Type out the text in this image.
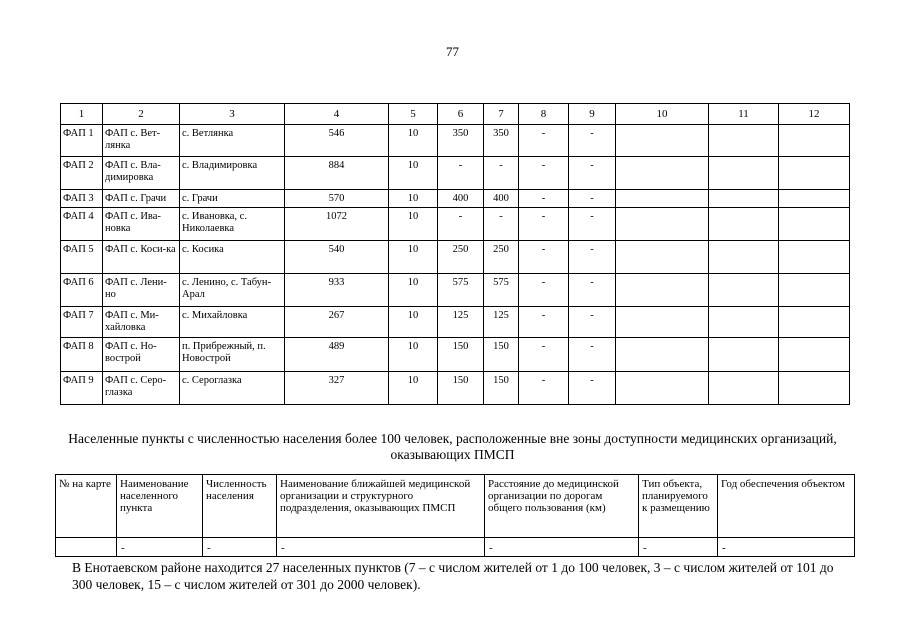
77
1	2	3	4	5	6	7	8	9	10	11	12
ФАП 1	ФАП с. Вет-лянка	с. Ветлянка	546	10	350	350	-	-			
ФАП 2	ФАП с. Вла-димировка	с. Владимировка	884	10	-	-	-	-			
ФАП 3	ФАП с. Грачи	с. Грачи	570	10	400	400	-	-			
ФАП 4	ФАП с. Ива-новка	с. Ивановка, с. Николаевка	1072	10	-	-	-	-			
ФАП 5	ФАП с. Коси-ка	с. Косика	540	10	250	250	-	-			
ФАП 6	ФАП с. Лени-но	с. Ленино, с. Табун-Арал	933	10	575	575	-	-			
ФАП 7	ФАП с. Ми-хайловка	с. Михайловка	267	10	125	125	-	-			
ФАП 8	ФАП с. Но-вострой	п. Прибрежный, п. Новострой	489	10	150	150	-	-			
ФАП 9	ФАП с. Серо-глазка	с. Сероглазка	327	10	150	150	-	-			
Населенные пункты с численностью населения более 100 человек, расположенные вне зоны доступности медицинских организаций, оказывающих ПМСП
№ на карте	Наименование населенного пункта	Численность населения	Наименование ближайшей медицинской организации и структурного подразделения, оказывающих ПМСП	Расстояние до медицинской организации по дорогам общего пользования (км)	Тип объекта, планируемого к размещению	Год обеспечения объектом
	-	-	-	-	-	-
В Енотаевском районе находится 27 населенных пунктов (7 – с числом жителей от 1 до 100 человек, 3 – с числом жителей от 101 до 300 человек, 15 – с числом жителей от 301 до 2000 человек).
